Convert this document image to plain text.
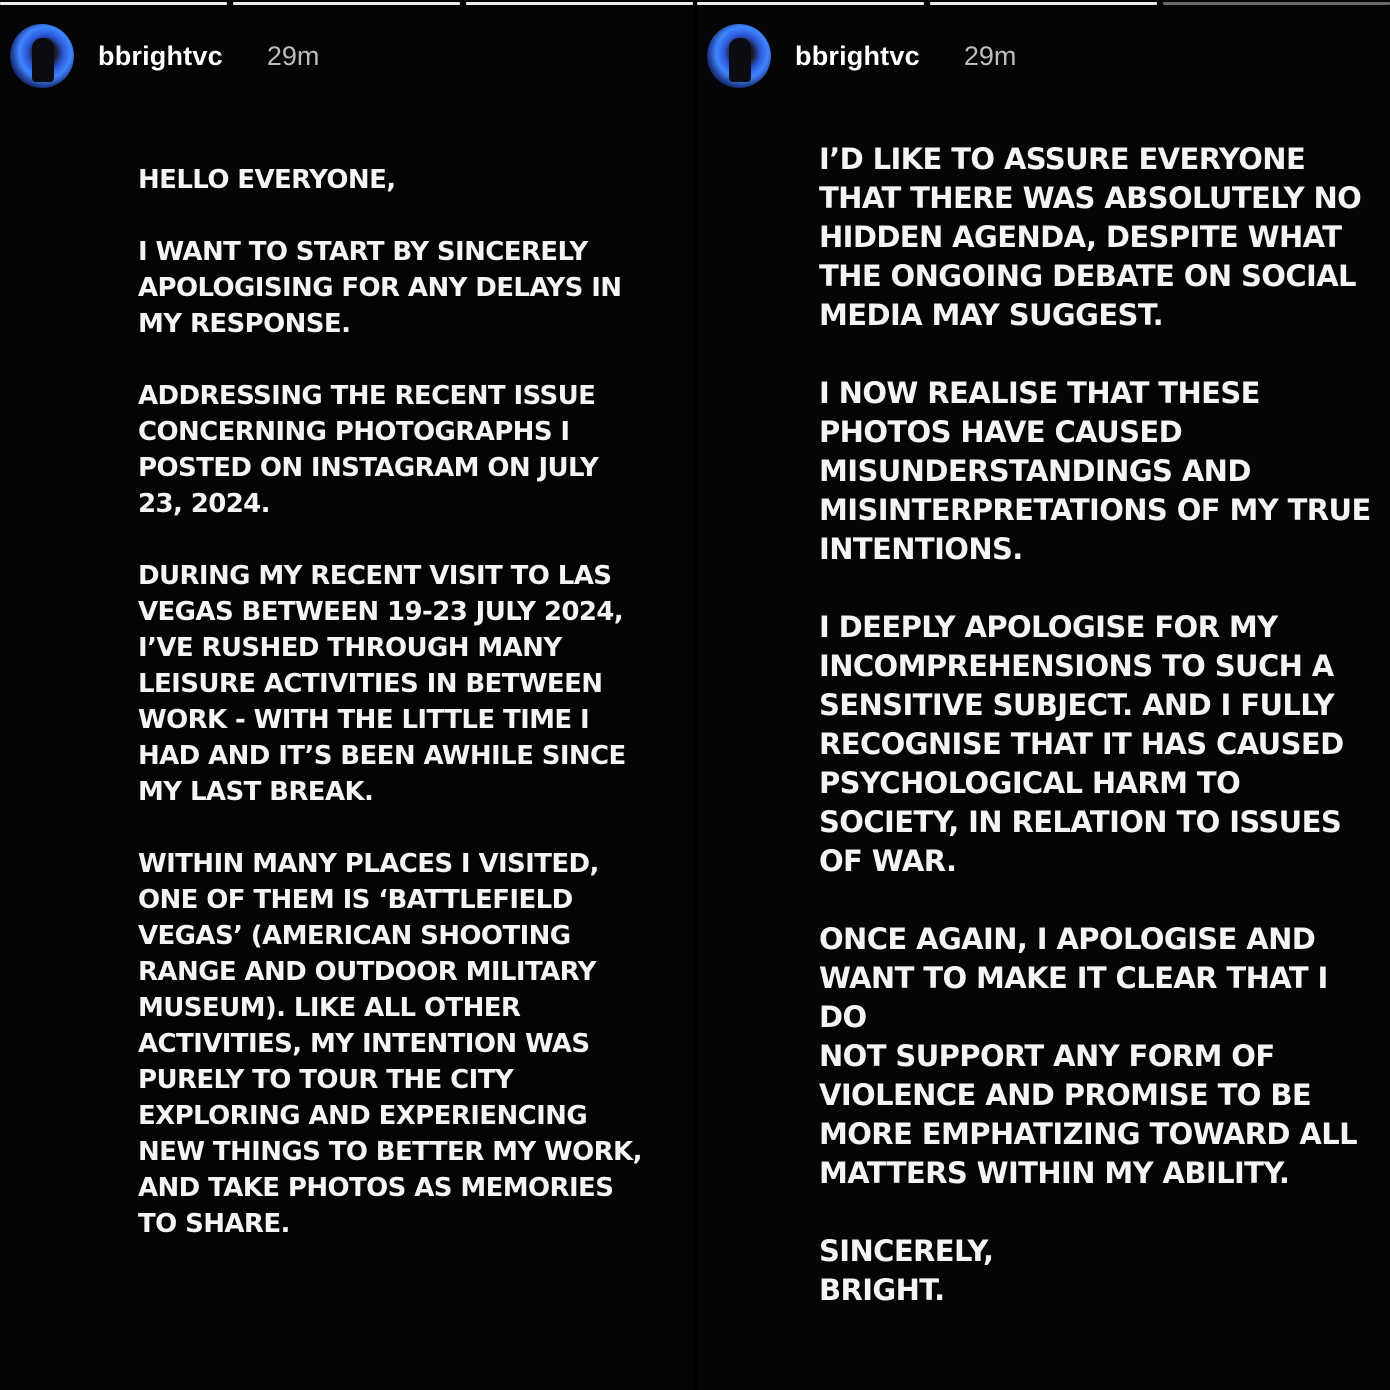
bbrightvc 29m

HELLO EVERYONE,

I WANT TO START BY SINCERELY
APOLOGISING FOR ANY DELAYS IN
MY RESPONSE.

ADDRESSING THE RECENT ISSUE
CONCERNING PHOTOGRAPHS I
POSTED ON INSTAGRAM ON JULY
23, 2024.

DURING MY RECENT VISIT TO LAS
VEGAS BETWEEN 19-23 JULY 2024,
I’VE RUSHED THROUGH MANY
LEISURE ACTIVITIES IN BETWEEN
WORK - WITH THE LITTLE TIME I
HAD AND IT’S BEEN AWHILE SINCE
MY LAST BREAK.

WITHIN MANY PLACES I VISITED,
ONE OF THEM IS ‘BATTLEFIELD
VEGAS’ (AMERICAN SHOOTING
RANGE AND OUTDOOR MILITARY
MUSEUM). LIKE ALL OTHER
ACTIVITIES, MY INTENTION WAS
PURELY TO TOUR THE CITY
EXPLORING AND EXPERIENCING
NEW THINGS TO BETTER MY WORK,
AND TAKE PHOTOS AS MEMORIES
TO SHARE.

bbrightvc 29m

I’D LIKE TO ASSURE EVERYONE
THAT THERE WAS ABSOLUTELY NO
HIDDEN AGENDA, DESPITE WHAT
THE ONGOING DEBATE ON SOCIAL
MEDIA MAY SUGGEST.

I NOW REALISE THAT THESE
PHOTOS HAVE CAUSED
MISUNDERSTANDINGS AND
MISINTERPRETATIONS OF MY TRUE
INTENTIONS.

I DEEPLY APOLOGISE FOR MY
INCOMPREHENSIONS TO SUCH A
SENSITIVE SUBJECT. AND I FULLY
RECOGNISE THAT IT HAS CAUSED
PSYCHOLOGICAL HARM TO
SOCIETY, IN RELATION TO ISSUES
OF WAR.

ONCE AGAIN, I APOLOGISE AND
WANT TO MAKE IT CLEAR THAT I DO
NOT SUPPORT ANY FORM OF
VIOLENCE AND PROMISE TO BE
MORE EMPHATIZING TOWARD ALL
MATTERS WITHIN MY ABILITY.

SINCERELY,
BRIGHT.
